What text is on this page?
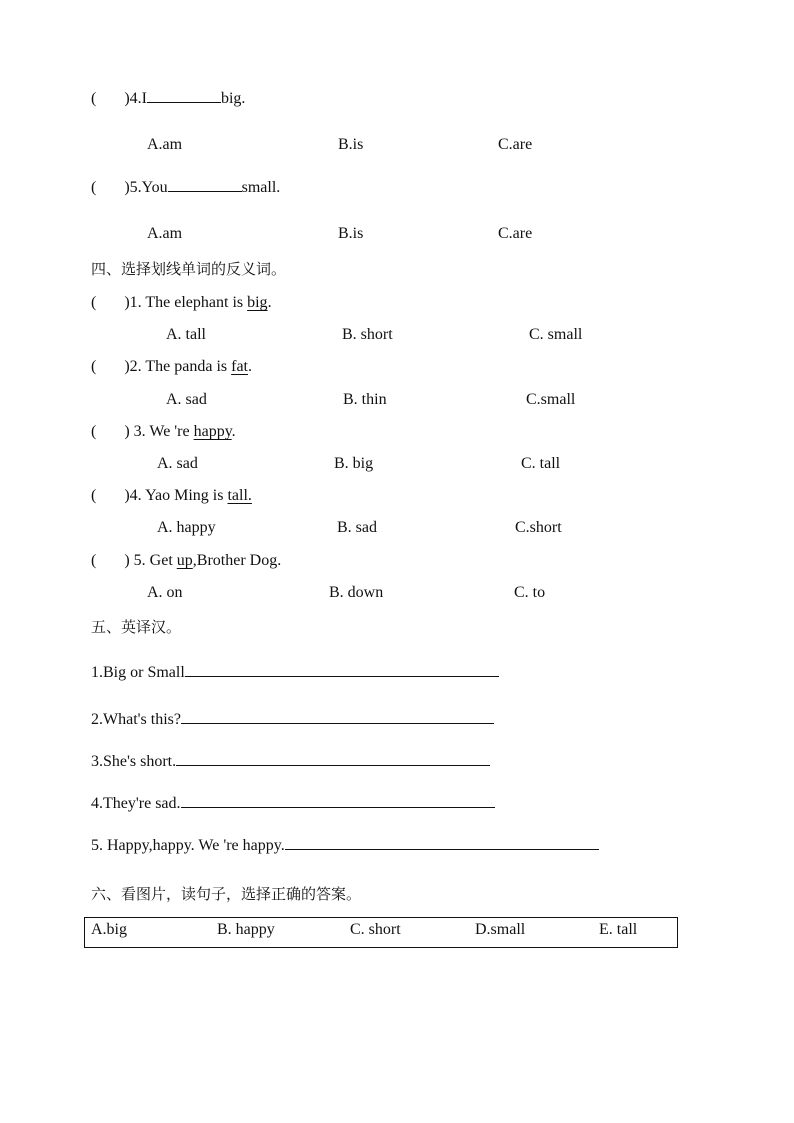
( )4.I	big.
A.am	B.is	C.are
( )5.You	small.
A.am	B.is	C.are
四、选择划线单词的反义词。
( )1. The elephant is big.
A. tall	B. short	C. small
( )2. The panda is fat.
A. sad	B. thin	C.small
( ) 3. We 're happy.
A. sad	B. big	C. tall
( )4. Yao Ming is tall.
A. happy	B. sad	C.short
( ) 5. Get up,Brother Dog.
A. on	B. down	C. to
五、英译汉。
1.Big or Small
2.What's this?
3.She's short.
4.They're sad.
5. Happy,happy. We 're happy.
六、看图片，读句子，选择正确的答案。
A.big	B. happy	C. short	D.small	E. tall
